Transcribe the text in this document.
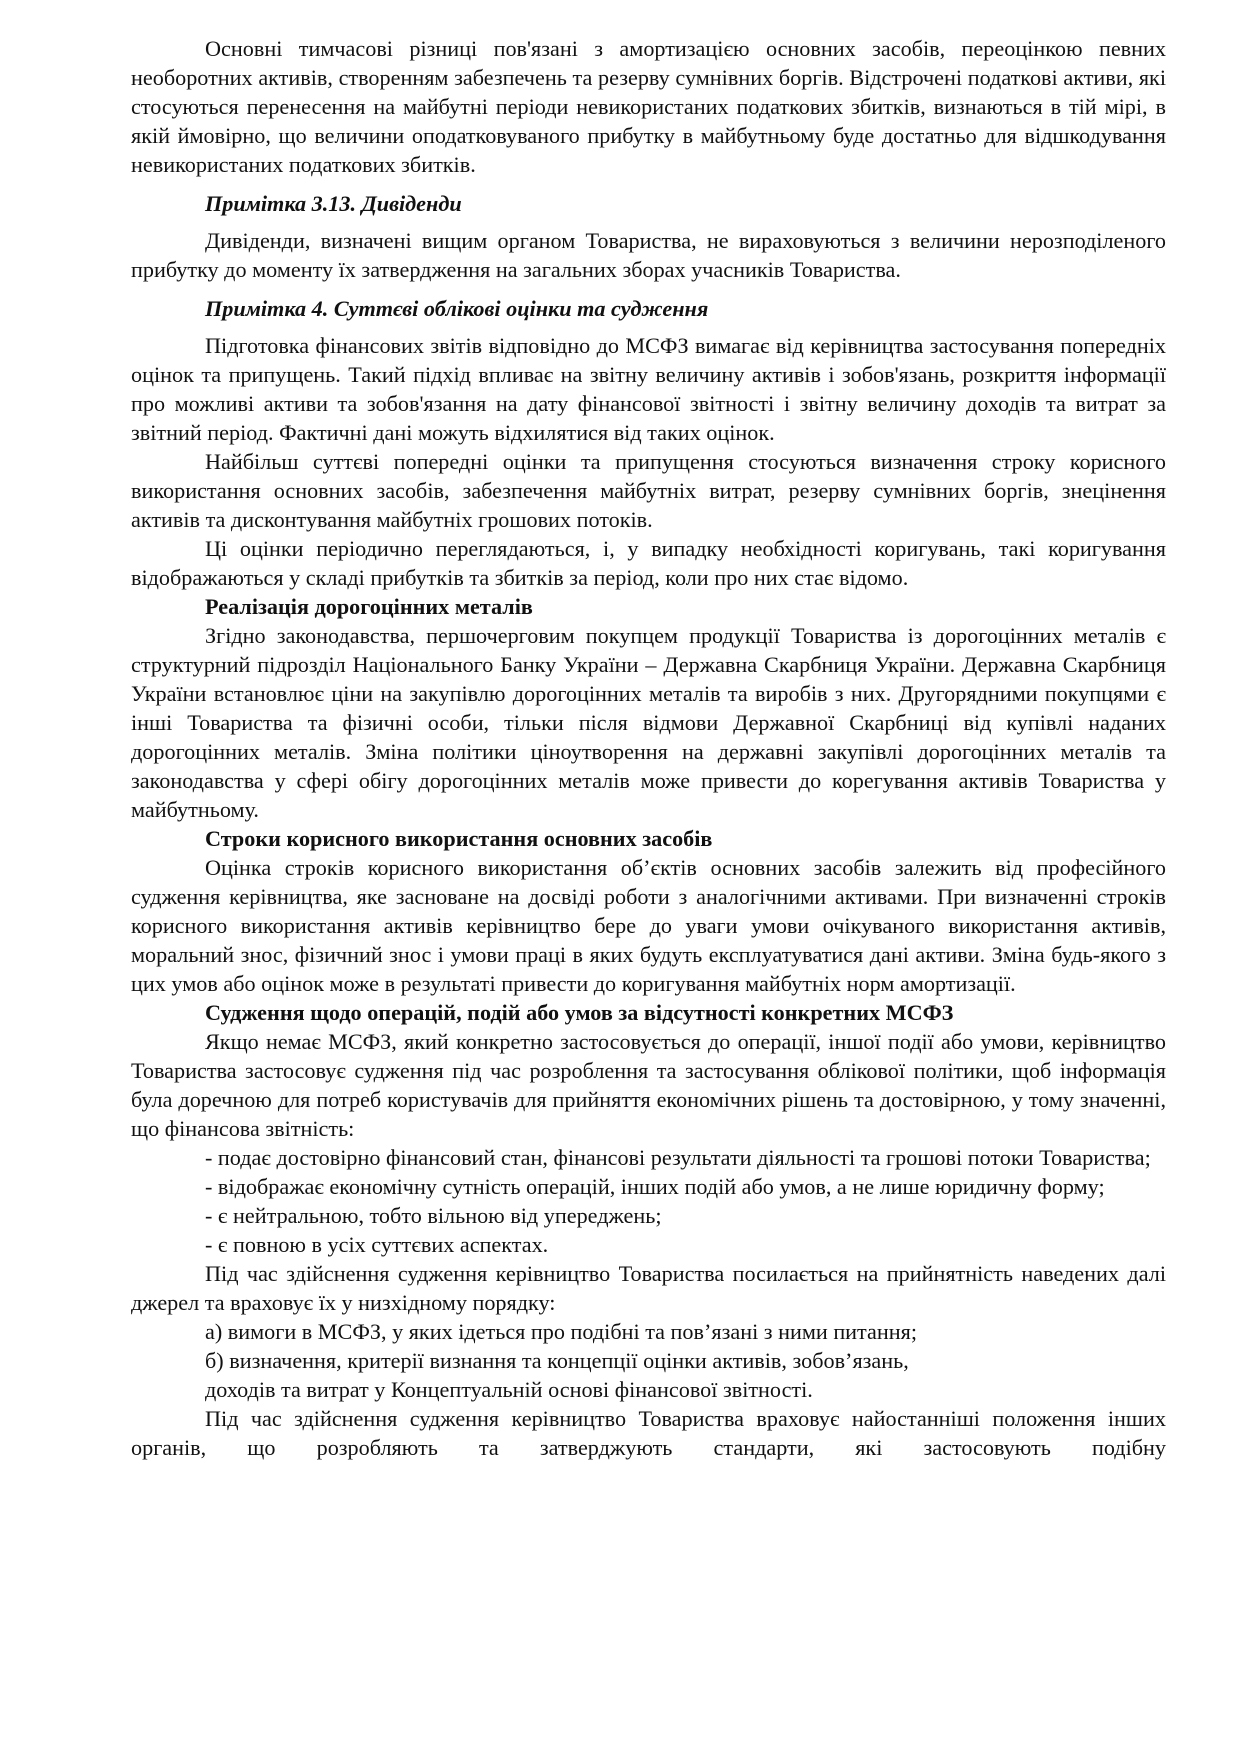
Основні тимчасові різниці пов'язані з амортизацією основних засобів, переоцінкою певних необоротних активів, створенням забезпечень та резерву сумнівних боргів. Відстрочені податкові активи, які стосуються перенесення на майбутні періоди невикористаних податкових збитків, визнаються в тій мірі, в якій ймовірно, що величини оподатковуваного прибутку в майбутньому буде достатньо для відшкодування невикористаних податкових збитків.

Примітка 3.13. Дивіденди

Дивіденди, визначені вищим органом Товариства, не вираховуються з величини нерозподіленого прибутку до моменту їх затвердження на загальних зборах учасників Товариства.

Примітка 4. Суттєві облікові оцінки та судження

Підготовка фінансових звітів відповідно до МСФЗ вимагає від керівництва застосування попередніх оцінок та припущень. Такий підхід впливає на звітну величину активів і зобов'язань, розкриття інформації про можливі активи та зобов'язання на дату фінансової звітності і звітну величину доходів та витрат за звітний період. Фактичні дані можуть відхилятися від таких оцінок.

Найбільш суттєві попередні оцінки та припущення стосуються визначення строку корисного використання основних засобів, забезпечення майбутніх витрат, резерву сумнівних боргів, знецінення активів та дисконтування майбутніх грошових потоків.

Ці оцінки періодично переглядаються, і, у випадку необхідності коригувань, такі коригування відображаються у складі прибутків та збитків за період, коли про них стає відомо.

Реалізація дорогоцінних металів

Згідно законодавства, першочерговим покупцем продукції Товариства із дорогоцінних металів є структурний підрозділ Національного Банку України – Державна Скарбниця України. Державна Скарбниця України встановлює ціни на закупівлю дорогоцінних металів та виробів з них. Другорядними покупцями є інші Товариства та фізичні особи, тільки після відмови Державної Скарбниці від купівлі наданих дорогоцінних металів. Зміна політики ціноутворення на державні закупівлі дорогоцінних металів та законодавства у сфері обігу дорогоцінних металів може привести до корегування активів Товариства у майбутньому.

Строки корисного використання основних засобів

Оцінка строків корисного використання об’єктів основних засобів залежить від професійного судження керівництва, яке засноване на досвіді роботи з аналогічними активами. При визначенні строків корисного використання активів керівництво бере до уваги умови очікуваного використання активів, моральний знос, фізичний знос і умови праці в яких будуть експлуатуватися дані активи. Зміна будь-якого з цих умов або оцінок може в результаті привести до коригування майбутніх норм амортизації.

Судження щодо операцій, подій або умов за відсутності конкретних МСФЗ

Якщо немає МСФЗ, який конкретно застосовується до операції, іншої події або умови, керівництво Товариства застосовує судження під час розроблення та застосування облікової політики, щоб інформація була доречною для потреб користувачів для прийняття економічних рішень та достовірною, у тому значенні, що фінансова звітність:

- подає достовірно фінансовий стан, фінансові результати діяльності та грошові потоки Товариства;

- відображає економічну сутність операцій, інших подій або умов, а не лише юридичну форму;

- є нейтральною, тобто вільною від упереджень;

- є повною в усіх суттєвих аспектах.

Під час здійснення судження керівництво Товариства посилається на прийнятність наведених далі джерел та враховує їх у низхідному порядку:

а) вимоги в МСФЗ, у яких ідеться про подібні та пов’язані з ними питання;

б) визначення, критерії визнання та концепції оцінки активів, зобов’язань,

доходів та витрат у Концептуальній основі фінансової звітності.

Під час здійснення судження керівництво Товариства враховує найостанніші положення інших органів, що розробляють та затверджують стандарти, які застосовують подібну
